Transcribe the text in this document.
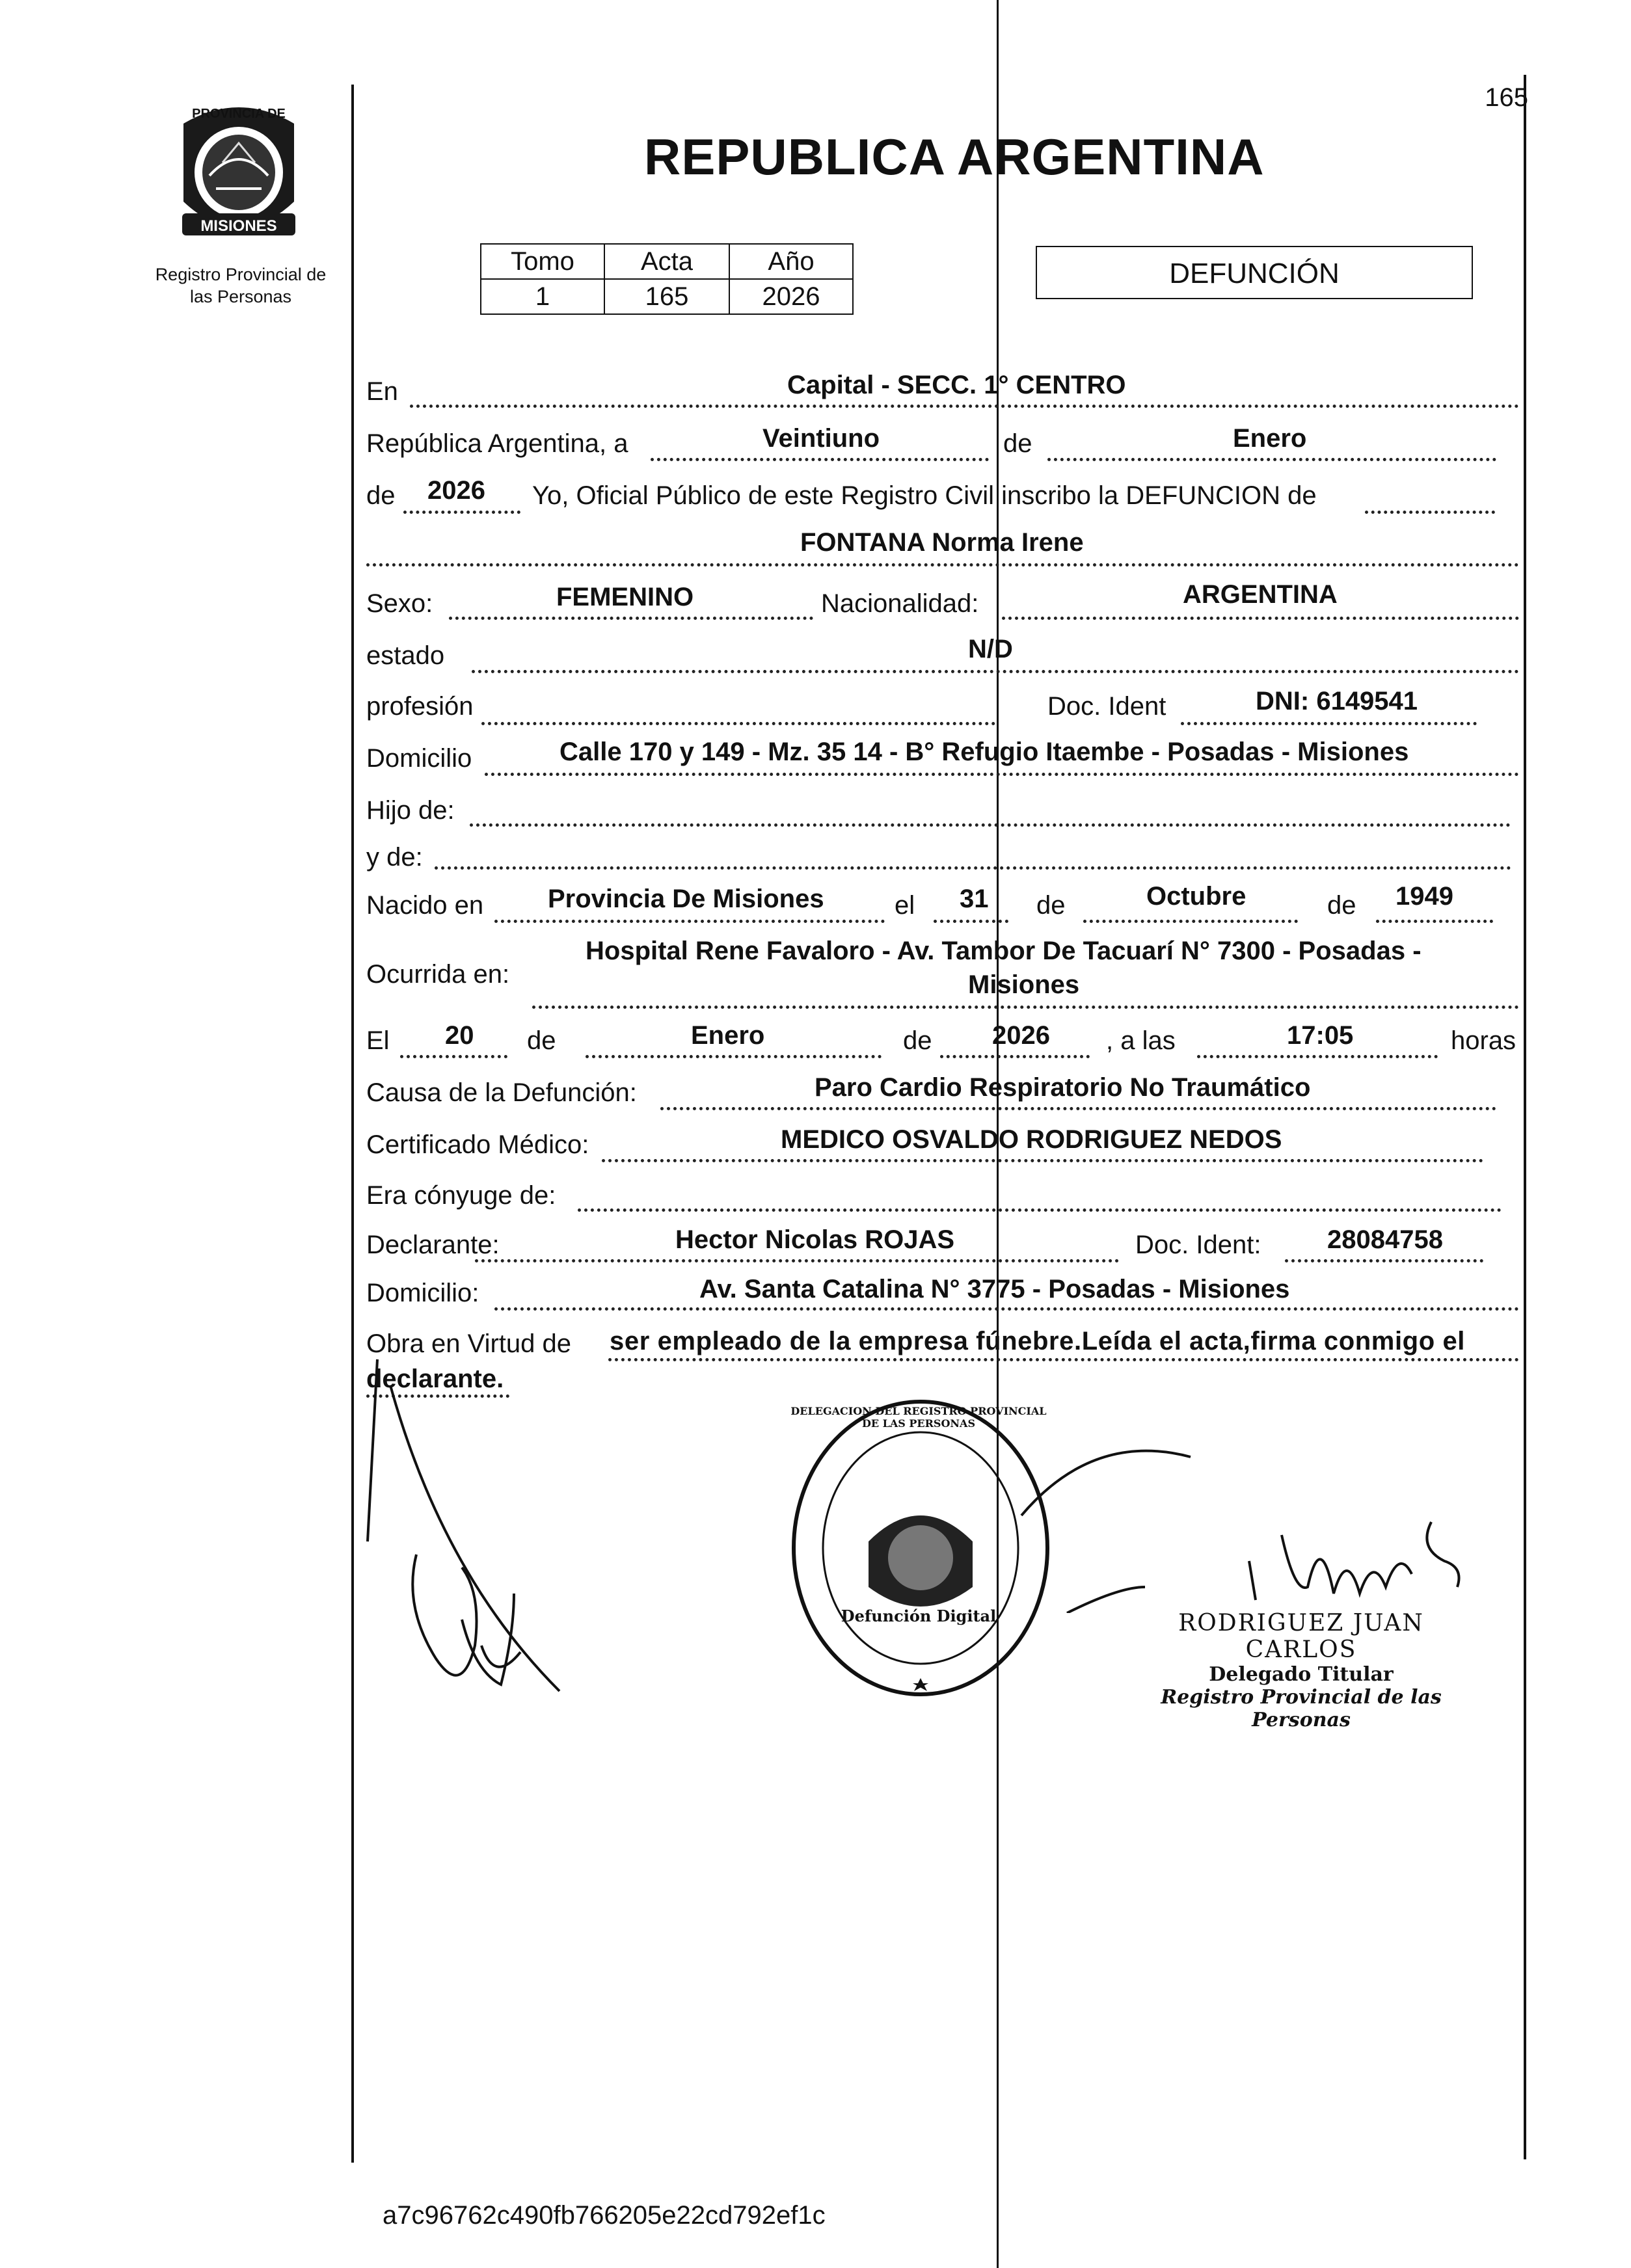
165
PROVINCIA DE
MISIONES
Registro Provincial de
las Personas
REPUBLICA ARGENTINA
Tomo	Acta	Año
1	165	2026
DEFUNCIÓN
En	Capital - SECC. 1° CENTRO
República Argentina, a	Veintiuno	de	Enero
de 2026 Yo, Oficial Público de este Registro Civil inscribo la DEFUNCION de
FONTANA Norma Irene
Sexo:	FEMENINO	Nacionalidad:	ARGENTINA
estado	N/D
profesión	Doc. Ident	DNI: 6149541
Domicilio	Calle 170 y 149 - Mz. 35 14 - B° Refugio Itaembe - Posadas - Misiones
Hijo de:
y de:
Nacido en Provincia De Misiones	el 31 de	Octubre	de 1949
Ocurrida en:
Hospital Rene Favaloro - Av. Tambor De Tacuarí N° 7300 - Posadas -
Misiones
El 20 de	Enero	de 2026 , a las	17:05	horas
Causa de la Defunción:	Paro Cardio Respiratorio No Traumático
Certificado Médico:	MEDICO OSVALDO RODRIGUEZ NEDOS
Era cónyuge de:
Declarante:	Hector Nicolas ROJAS	Doc. Ident:	28084758
Domicilio:	Av. Santa Catalina N° 3775 - Posadas - Misiones
Obra en Virtud de ser empleado de la empresa fúnebre.Leída el acta,firma conmigo el
declarante.
DELEGACION DEL REGISTRO PROVINCIAL DE LAS PERSONAS
Defunción Digital	RODRIGUEZ JUAN CARLOS
Delegado Titular
Registro Provincial de las Personas
a7c96762c490fb766205e22cd792ef1c
